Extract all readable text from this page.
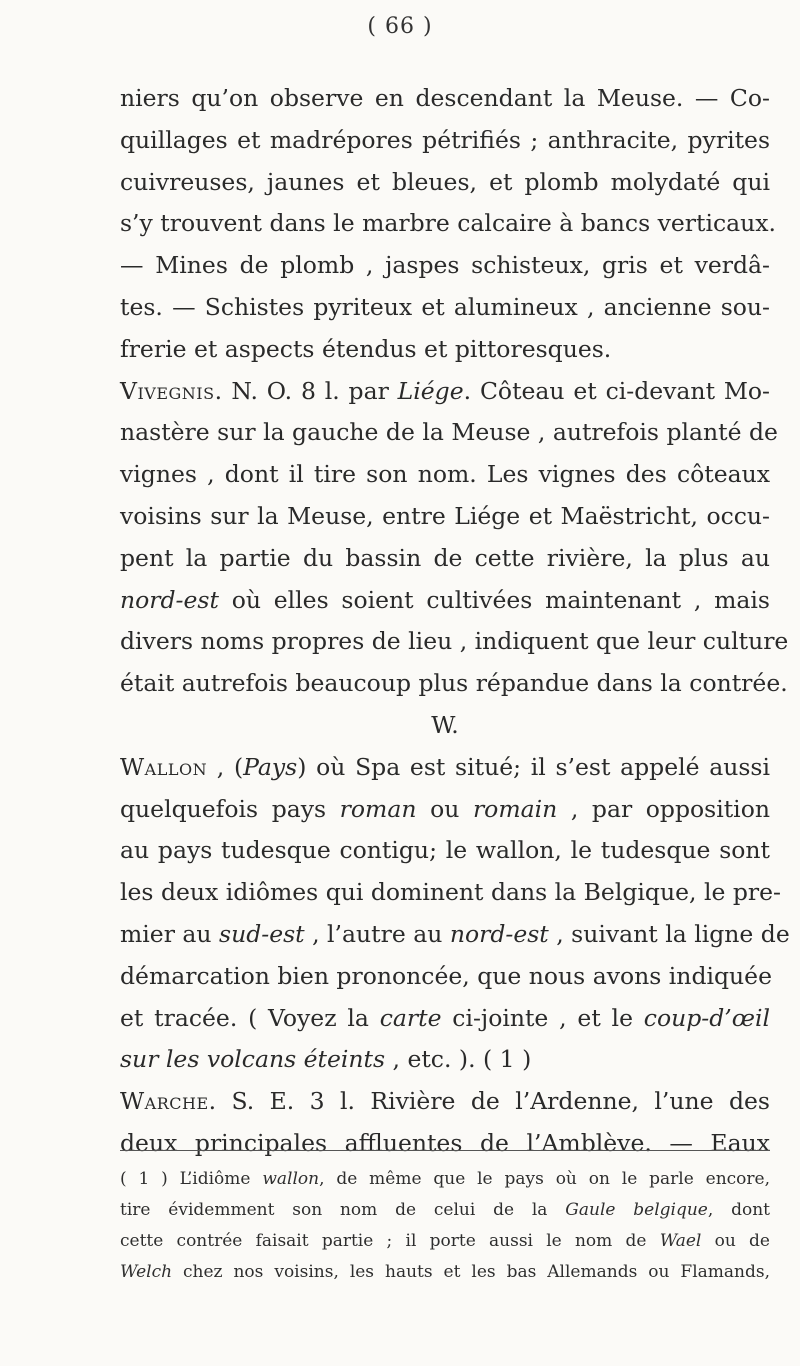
( 66 )
niers qu’on observe en descendant la Meuse. — Co-
quillages et madrépores pétrifiés ; anthracite, pyrites
cuivreuses, jaunes et bleues, et plomb molydaté qui
s’y trouvent dans le marbre calcaire à bancs verticaux.
— Mines de plomb , jaspes schisteux, gris et verdâ-
tes. — Schistes pyriteux et alumineux , ancienne sou-
frerie et aspects étendus et pittoresques.
Vivegnis. N. O. 8 l. par Liége. Côteau et ci-devant Mo-
nastère sur la gauche de la Meuse , autrefois planté de
vignes , dont il tire son nom. Les vignes des côteaux
voisins sur la Meuse, entre Liége et Maëstricht, occu-
pent la partie du bassin de cette rivière, la plus au
nord-est où elles soient cultivées maintenant , mais
divers noms propres de lieu , indiquent que leur culture
était autrefois beaucoup plus répandue dans la contrée.
W.
Wallon , (Pays) où Spa est situé; il s’est appelé aussi
quelquefois pays roman ou romain , par opposition
au pays tudesque contigu; le wallon, le tudesque sont
les deux idiômes qui dominent dans la Belgique, le pre-
mier au sud-est , l’autre au nord-est , suivant la ligne de
démarcation bien prononcée, que nous avons indiquée
et tracée. ( Voyez la carte ci-jointe , et le coup-d’œil
sur les volcans éteints , etc. ). ( 1 )
Warche. S. E. 3 l. Rivière de l’Ardenne, l’une des
deux principales affluentes de l’Amblève. — Eaux
( 1 ) L’idiôme wallon, de même que le pays où on le parle encore,
tire évidemment son nom de celui de la Gaule belgique, dont
cette contrée faisait partie ; il porte aussi le nom de Wael ou de
Welch chez nos voisins, les hauts et les bas Allemands ou Flamands,
